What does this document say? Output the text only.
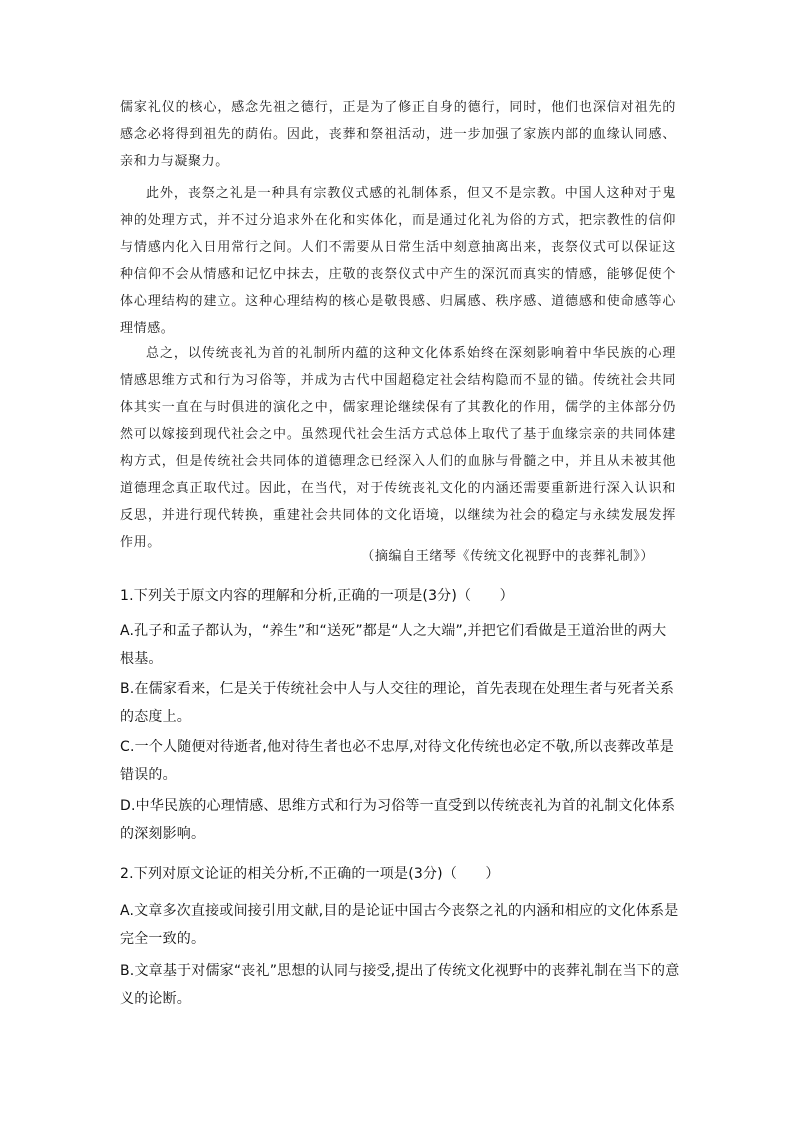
儒家礼仪的核心，感念先祖之德行，正是为了修正自身的德行，同时，他们也深信对祖先的感念必将得到祖先的荫佑。因此，丧葬和祭祖活动，进一步加强了家族内部的血缘认同感、亲和力与凝聚力。

此外，丧祭之礼是一种具有宗教仪式感的礼制体系，但又不是宗教。中国人这种对于鬼神的处理方式，并不过分追求外在化和实体化，而是通过化礼为俗的方式，把宗教性的信仰与情感内化入日用常行之间。人们不需要从日常生活中刻意抽离出来，丧祭仪式可以保证这种信仰不会从情感和记忆中抹去，庄敬的丧祭仪式中产生的深沉而真实的情感，能够促使个体心理结构的建立。这种心理结构的核心是敬畏感、归属感、秩序感、道德感和使命感等心理情感。

总之，以传统丧礼为首的礼制所内蕴的这种文化体系始终在深刻影响着中华民族的心理情感思维方式和行为习俗等，并成为古代中国超稳定社会结构隐而不显的锚。传统社会共同体其实一直在与时俱进的演化之中，儒家理论继续保有了其教化的作用，儒学的主体部分仍然可以嫁接到现代社会之中。虽然现代社会生活方式总体上取代了基于血缘宗亲的共同体建构方式，但是传统社会共同体的道德理念已经深入人们的血脉与骨髓之中，并且从未被其他道德理念真正取代过。因此，在当代，对于传统丧礼文化的内涵还需要重新进行深入认识和反思，并进行现代转换，重建社会共同体的文化语境，以继续为社会的稳定与永续发展发挥作用。

（摘编自王绪琴《传统文化视野中的丧葬礼制》）

1.下列关于原文内容的理解和分析,正确的一项是(3分)（　　）

A.孔子和孟子都认为，“养生”和“送死”都是“人之大端”,并把它们看做是王道治世的两大根基。

B.在儒家看来，仁是关于传统社会中人与人交往的理论，首先表现在处理生者与死者关系的态度上。

C.一个人随便对待逝者,他对待生者也必不忠厚,对待文化传统也必定不敬,所以丧葬改革是错误的。

D.中华民族的心理情感、思维方式和行为习俗等一直受到以传统丧礼为首的礼制文化体系的深刻影响。

2.下列对原文论证的相关分析,不正确的一项是(3分)（　　）

A.文章多次直接或间接引用文献,目的是论证中国古今丧祭之礼的内涵和相应的文化体系是完全一致的。

B.文章基于对儒家“丧礼”思想的认同与接受,提出了传统文化视野中的丧葬礼制在当下的意义的论断。
